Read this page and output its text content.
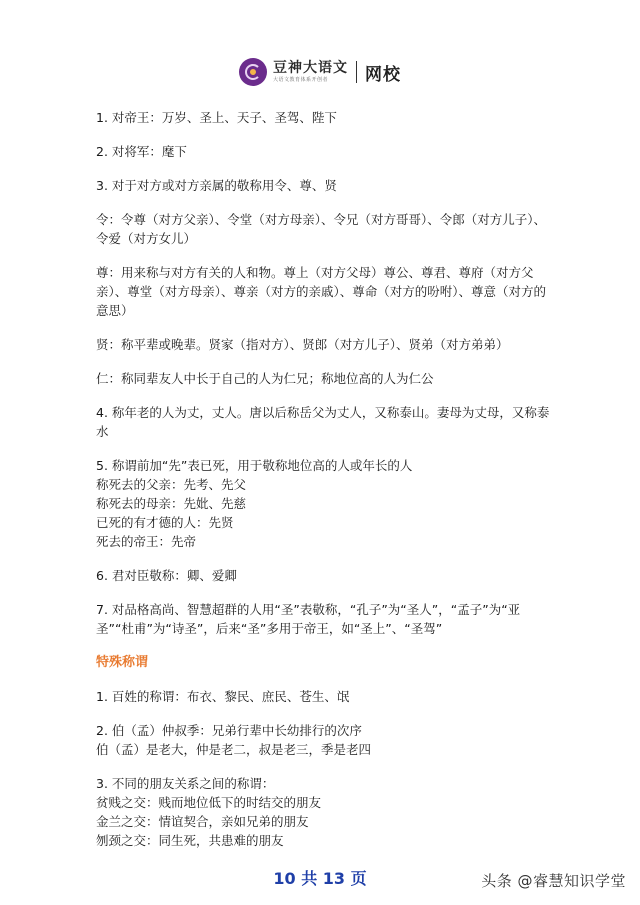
豆神大语文
大语文教育体系开创者	网校
1. 对帝王：万岁、圣上、天子、圣驾、陛下
2. 对将军：麾下
3. 对于对方或对方亲属的敬称用令、尊、贤
令：令尊（对方父亲）、令堂（对方母亲）、令兄（对方哥哥）、令郎（对方儿子）、令爱（对方女儿）
尊：用来称与对方有关的人和物。尊上（对方父母）尊公、尊君、尊府（对方父亲）、尊堂（对方母亲）、尊亲（对方的亲戚）、尊命（对方的吩咐）、尊意（对方的意思）
贤：称平辈或晚辈。贤家（指对方）、贤郎（对方儿子）、贤弟（对方弟弟）
仁：称同辈友人中长于自己的人为仁兄；称地位高的人为仁公
4. 称年老的人为丈，丈人。唐以后称岳父为丈人，又称泰山。妻母为丈母，又称泰水
5. 称谓前加“先”表已死，用于敬称地位高的人或年长的人
称死去的父亲：先考、先父
称死去的母亲：先妣、先慈
已死的有才德的人：先贤
死去的帝王：先帝
6. 君对臣敬称：卿、爱卿
7. 对品格高尚、智慧超群的人用“圣”表敬称，“孔子”为“圣人”，“孟子”为“亚圣”“杜甫”为“诗圣”，后来“圣”多用于帝王，如“圣上”、“圣驾”
特殊称谓
1. 百姓的称谓：布衣、黎民、庶民、苍生、氓
2. 伯（孟）仲叔季：兄弟行辈中长幼排行的次序
伯（孟）是老大，仲是老二，叔是老三，季是老四
3. 不同的朋友关系之间的称谓：
贫贱之交：贱而地位低下的时结交的朋友
金兰之交：情谊契合，亲如兄弟的朋友
刎颈之交：同生死，共患难的朋友
10 共 13 页	头条 @睿慧知识学堂
